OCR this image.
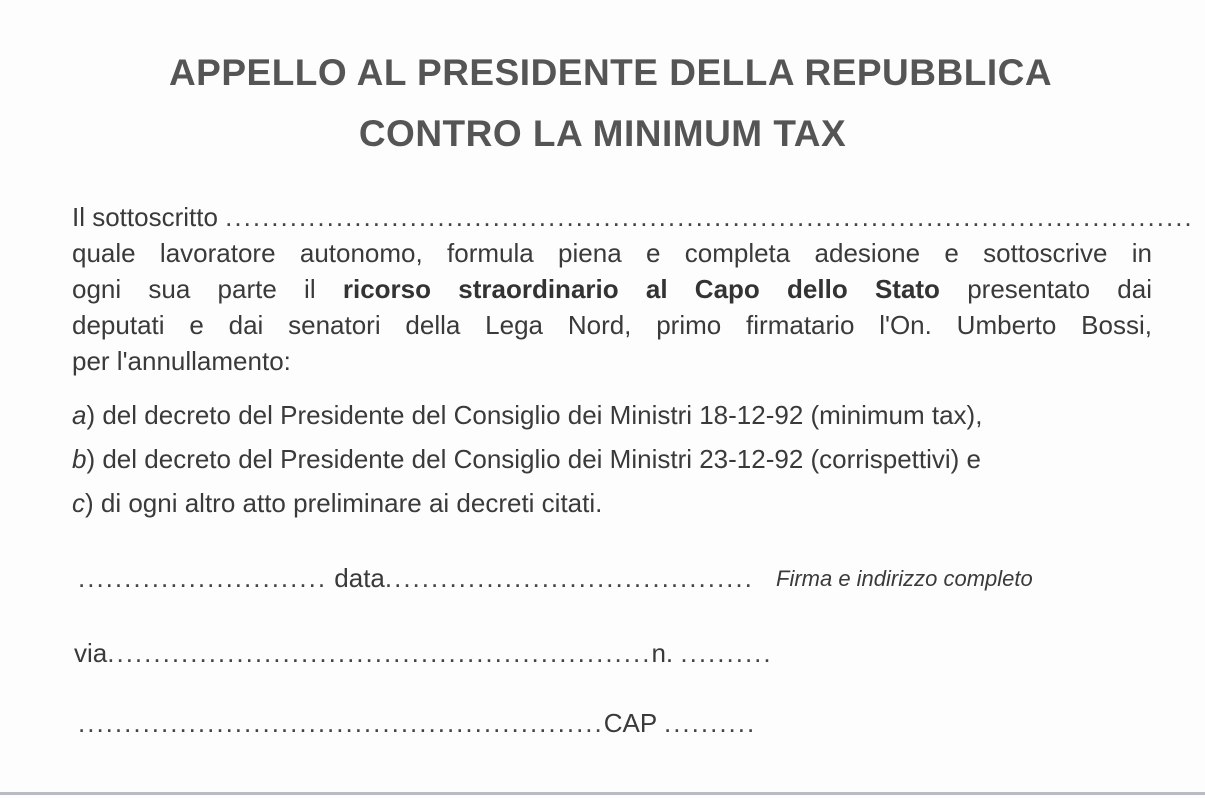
APPELLO AL PRESIDENTE DELLA REPUBBLICA
CONTRO LA MINIMUM TAX
Il sottoscritto .........................................................................................................
quale lavoratore autonomo, formula piena e completa adesione e sottoscrive in
ogni sua parte il ricorso straordinario al Capo dello Stato presentato dai
deputati e dai senatori della Lega Nord, primo firmatario l'On. Umberto Bossi,
per l'annullamento:
a) del decreto del Presidente del Consiglio dei Ministri 18-12-92 (minimum tax),
b) del decreto del Presidente del Consiglio dei Ministri 23-12-92 (corrispettivi) e
c) di ogni altro atto preliminare ai decreti citati.
........................... data........................................ Firma e indirizzo completo
via...........................................................n. ..........
.........................................................CAP ..........
